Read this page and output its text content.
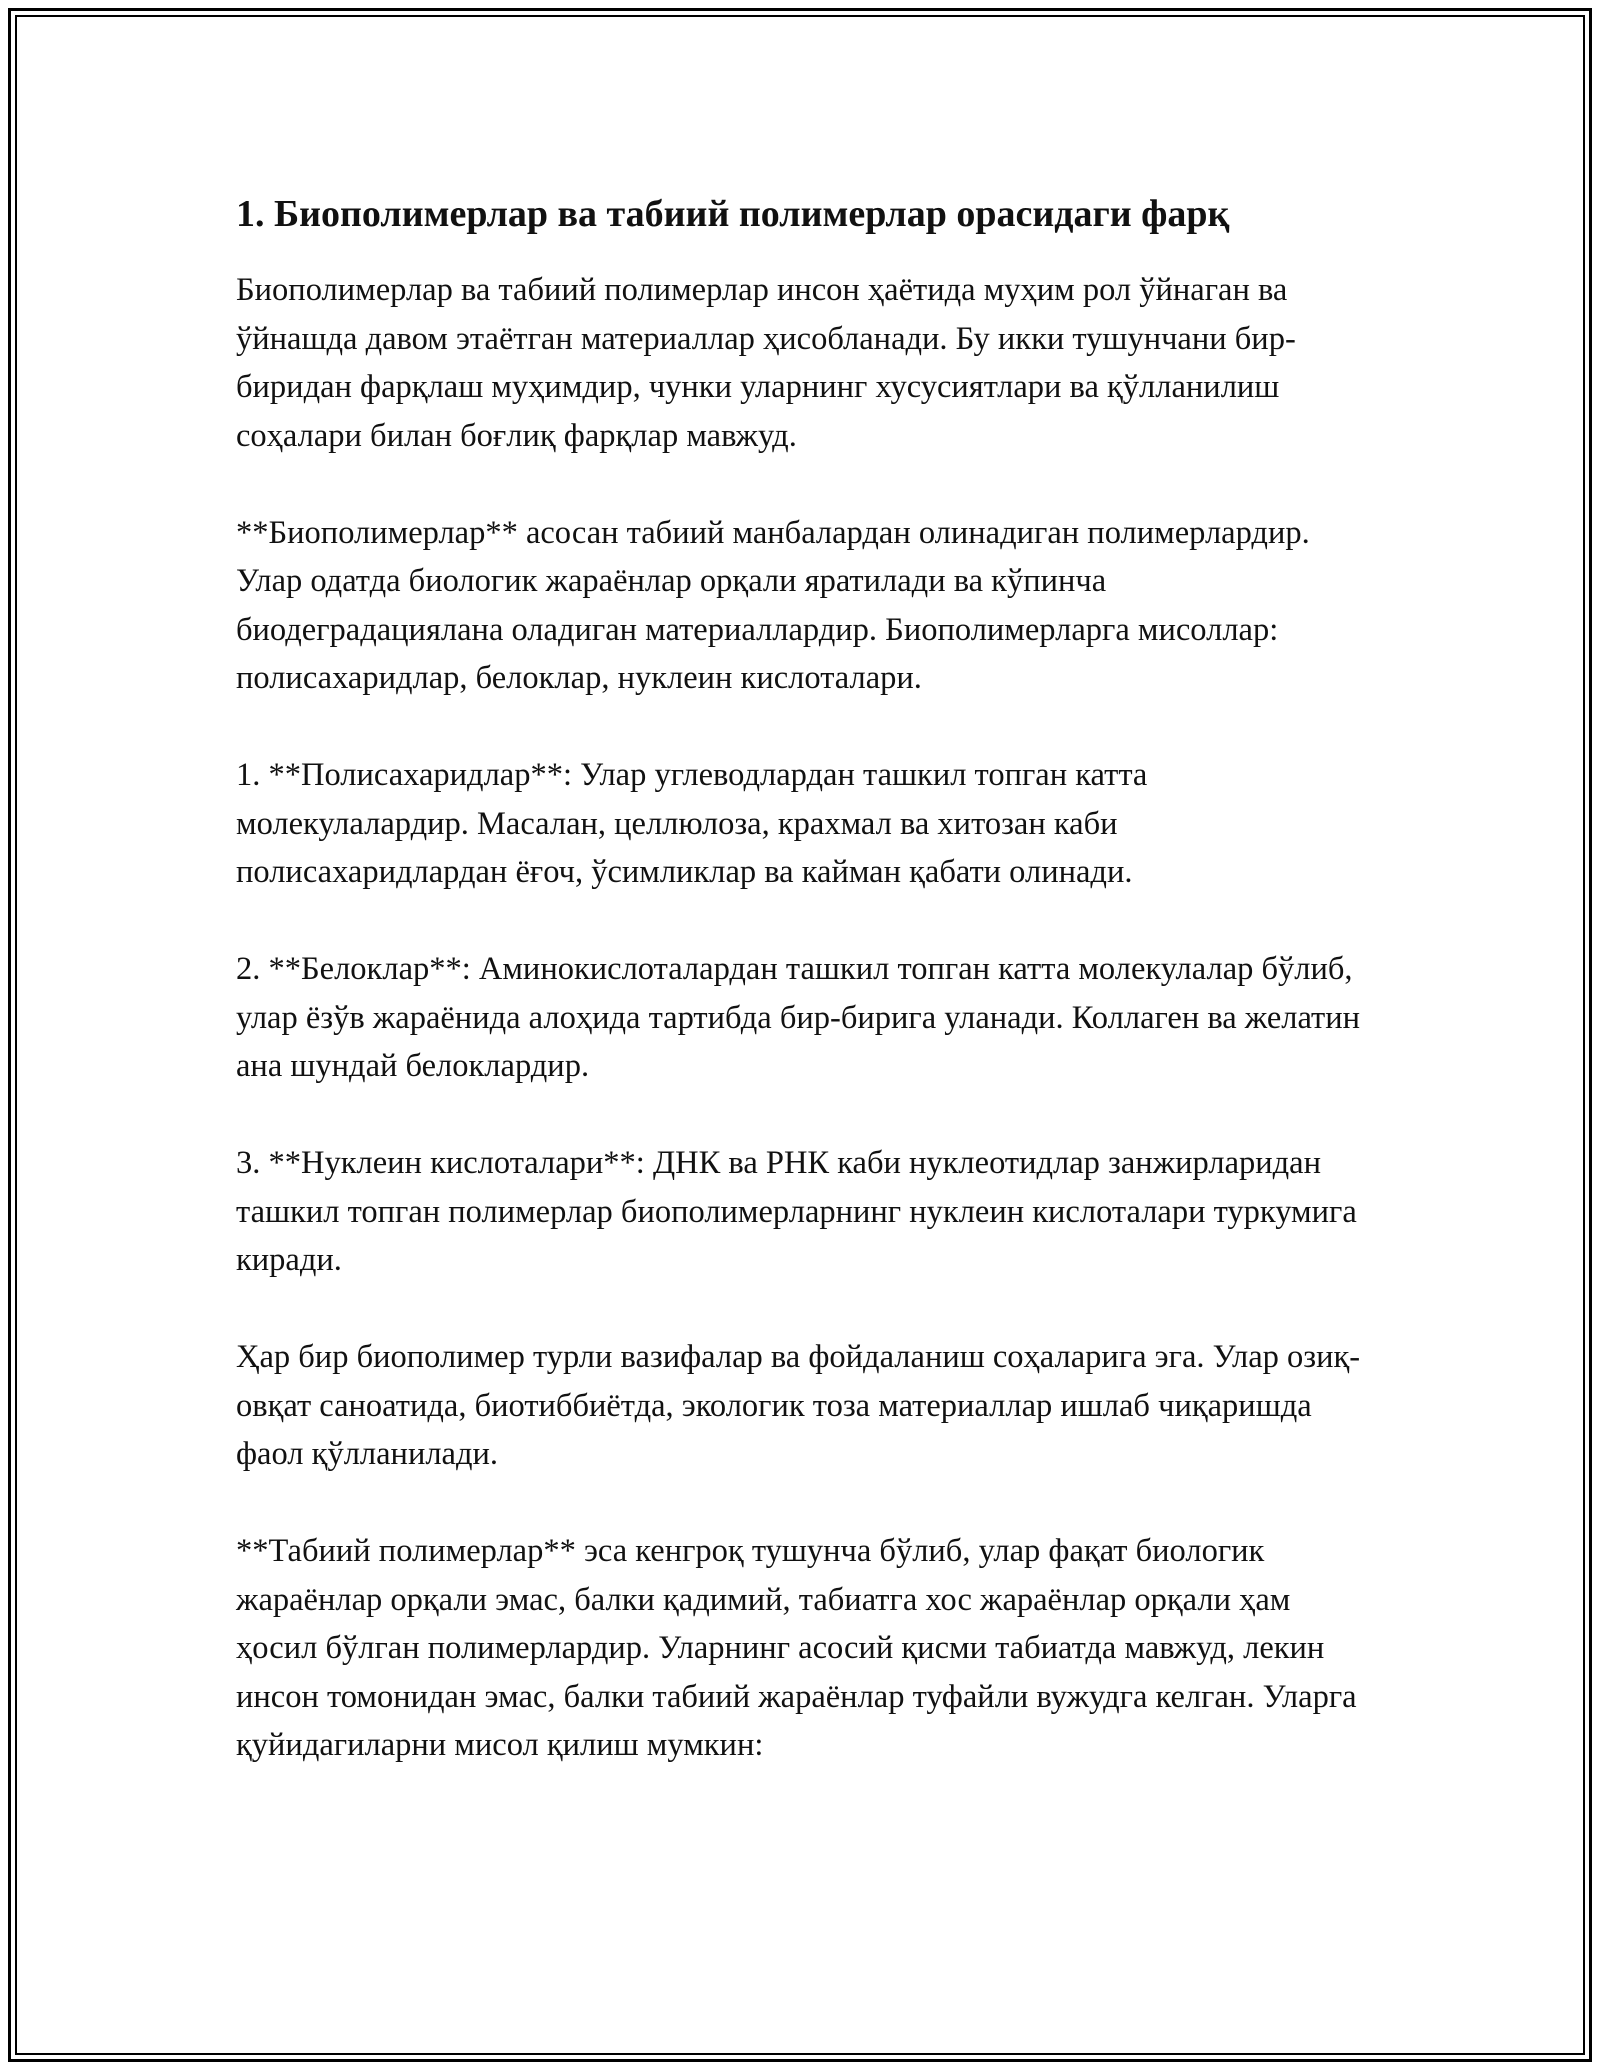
1. Биополимерлар ва табиий полимерлар орасидаги фарқ

Биополимерлар ва табиий полимерлар инсон ҳаётида муҳим рол ўйнаган ва ўйнашда давом этаётган материаллар ҳисобланади. Бу икки тушунчани бир-биридан фарқлаш муҳимдир, чунки уларнинг хусусиятлари ва қўлланилиш соҳалари билан боғлиқ фарқлар мавжуд.

**Биополимерлар** асосан табиий манбалардан олинадиган полимерлардир. Улар одатда биологик жараёнлар орқали яратилади ва кўпинча биодеградациялана оладиган материаллардир. Биополимерларга мисоллар: полисахаридлар, белоклар, нуклеин кислоталари.

1. **Полисахаридлар**: Улар углеводлардан ташкил топган катта молекулалардир. Масалан, целлюлоза, крахмал ва хитозан каби полисахаридлардан ёғоч, ўсимликлар ва кайман қабати олинади.

2. **Белоклар**: Аминокислоталардан ташкил топган катта молекулалар бўлиб, улар ёзўв жараёнида алоҳида тартибда бир-бирига уланади. Коллаген ва желатин ана шундай белоклардир.

3. **Нуклеин кислоталари**: ДНК ва РНК каби нуклеотидлар занжирларидан ташкил топган полимерлар биополимерларнинг нуклеин кислоталари туркумига киради.

Ҳар бир биополимер турли вазифалар ва фойдаланиш соҳаларига эга. Улар озиқ-овқат саноатида, биотиббиётда, экологик тоза материаллар ишлаб чиқаришда фаол қўлланилади.

**Табиий полимерлар** эса кенгроқ тушунча бўлиб, улар фақат биологик жараёнлар орқали эмас, балки қадимий, табиатга хос жараёнлар орқали ҳам ҳосил бўлган полимерлардир. Уларнинг асосий қисми табиатда мавжуд, лекин инсон томонидан эмас, балки табиий жараёнлар туфайли вужудга келган. Уларга қуйидагиларни мисол қилиш мумкин:
